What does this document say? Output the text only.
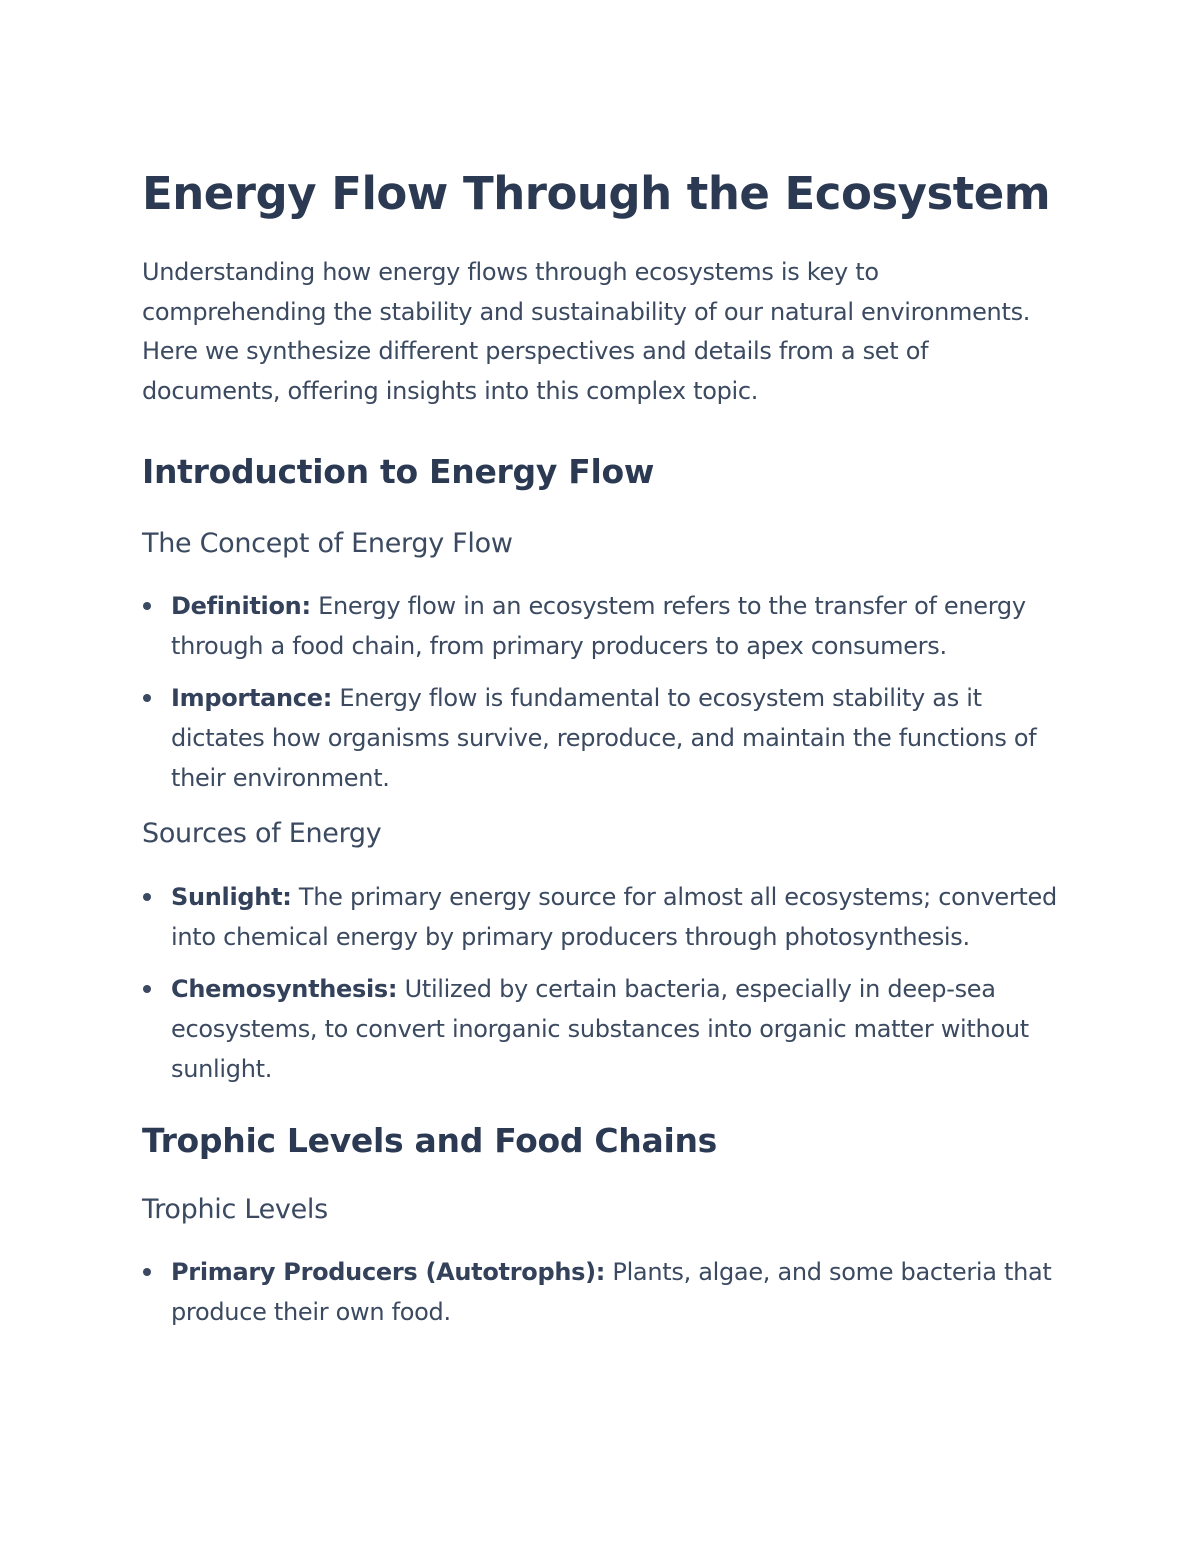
Energy Flow Through the Ecosystem

Understanding how energy flows through ecosystems is key to comprehending the stability and sustainability of our natural environments. Here we synthesize different perspectives and details from a set of documents, offering insights into this complex topic.

Introduction to Energy Flow
The Concept of Energy Flow
Definition: Energy flow in an ecosystem refers to the transfer of energy through a food chain, from primary producers to apex consumers.
Importance: Energy flow is fundamental to ecosystem stability as it dictates how organisms survive, reproduce, and maintain the functions of their environment.
Sources of Energy
Sunlight: The primary energy source for almost all ecosystems; converted into chemical energy by primary producers through photosynthesis.
Chemosynthesis: Utilized by certain bacteria, especially in deep-sea ecosystems, to convert inorganic substances into organic matter without sunlight.
Trophic Levels and Food Chains
Trophic Levels
Primary Producers (Autotrophs): Plants, algae, and some bacteria that produce their own food.
